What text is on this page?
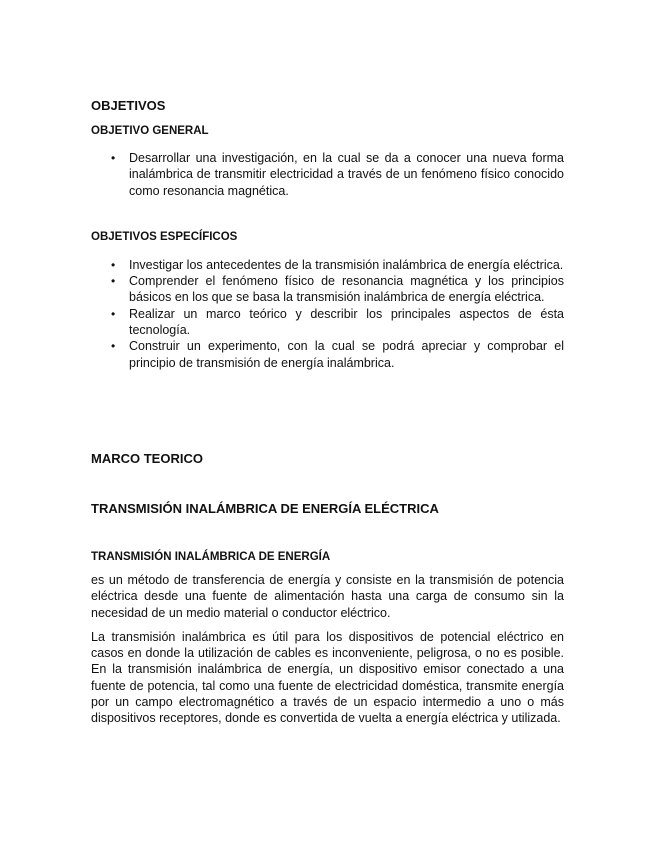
OBJETIVOS
OBJETIVO GENERAL
• Desarrollar una investigación, en la cual se da a conocer una nueva forma inalámbrica de transmitir electricidad a través de un fenómeno físico conocido como resonancia magnética.
OBJETIVOS ESPECÍFICOS
• Investigar los antecedentes de la transmisión inalámbrica de energía eléctrica.
• Comprender el fenómeno físico de resonancia magnética y los principios básicos en los que se basa la transmisión inalámbrica de energía eléctrica.
• Realizar un marco teórico y describir los principales aspectos de ésta tecnología.
• Construir un experimento, con la cual se podrá apreciar y comprobar el principio de transmisión de energía inalámbrica.
MARCO TEORICO
TRANSMISIÓN INALÁMBRICA DE ENERGÍA ELÉCTRICA
TRANSMISIÓN INALÁMBRICA DE ENERGÍA

es un método de transferencia de energía y consiste en la transmisión de potencia eléctrica desde una fuente de alimentación hasta una carga de consumo sin la necesidad de un medio material o conductor eléctrico.

La transmisión inalámbrica es útil para los dispositivos de potencial eléctrico en casos en donde la utilización de cables es inconveniente, peligrosa, o no es posible. En la transmisión inalámbrica de energía, un dispositivo emisor conectado a una fuente de potencia, tal como una fuente de electricidad doméstica, transmite energía por un campo electromagnético a través de un espacio intermedio a uno o más dispositivos receptores, donde es convertida de vuelta a energía eléctrica y utilizada.
